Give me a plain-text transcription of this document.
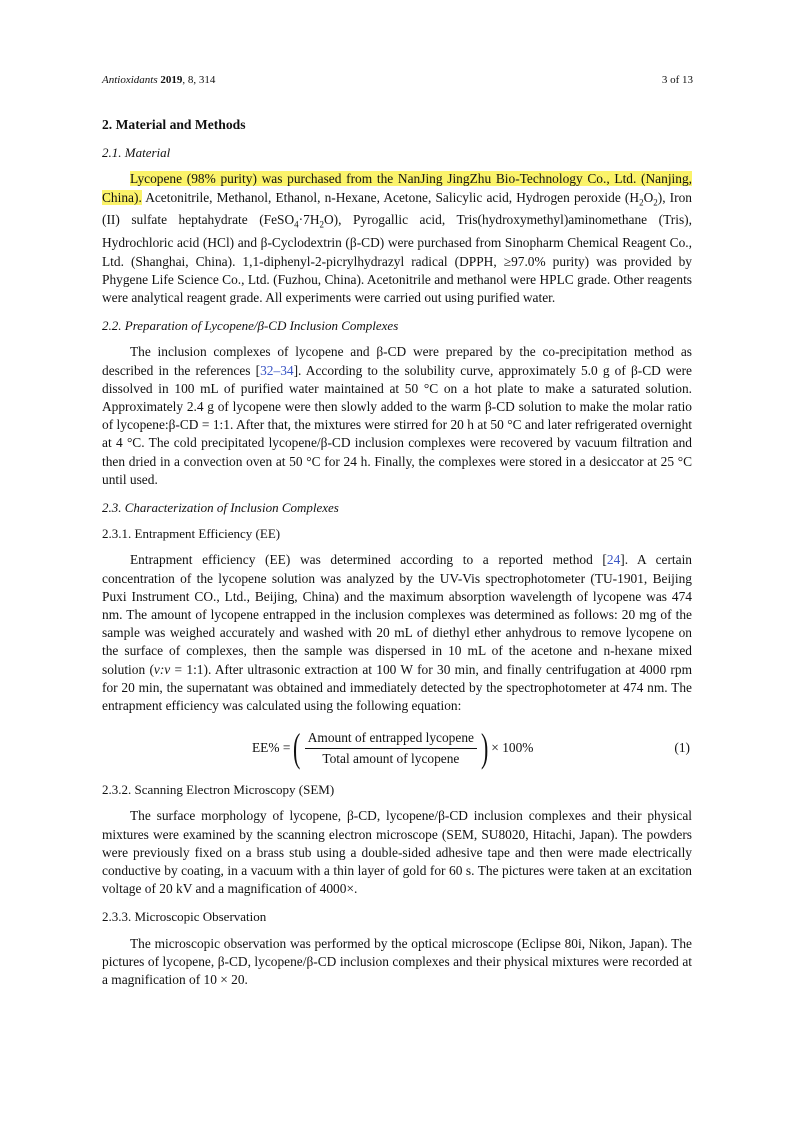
Antioxidants 2019, 8, 314	3 of 13
2. Material and Methods
2.1. Material

Lycopene (98% purity) was purchased from the NanJing JingZhu Bio-Technology Co., Ltd. (Nanjing, China). Acetonitrile, Methanol, Ethanol, n-Hexane, Acetone, Salicylic acid, Hydrogen peroxide $(H_2O_2)$, Iron (II) sulfate heptahydrate $(FeSO_4\cdot 7H_2O)$, Pyrogallic acid, Tris(hydroxymethyl)aminomethane (Tris), Hydrochloric acid (HCl) and β-Cyclodextrin (β-CD) were purchased from Sinopharm Chemical Reagent Co., Ltd. (Shanghai, China). 1,1-diphenyl-2-picrylhydrazyl radical (DPPH, ≥97.0% purity) was provided by Phygene Life Science Co., Ltd. (Fuzhou, China). Acetonitrile and methanol were HPLC grade. Other reagents were analytical reagent grade. All experiments were carried out using purified water.

2.2. Preparation of Lycopene/β-CD Inclusion Complexes

The inclusion complexes of lycopene and β-CD were prepared by the co-precipitation method as described in the references [32–34]. According to the solubility curve, approximately 5.0 g of β-CD were dissolved in 100 mL of purified water maintained at 50 °C on a hot plate to make a saturated solution. Approximately 2.4 g of lycopene were then slowly added to the warm β-CD solution to make the molar ratio of lycopene:β-CD = 1:1. After that, the mixtures were stirred for 20 h at 50 °C and later refrigerated overnight at 4 °C. The cold precipitated lycopene/β-CD inclusion complexes were recovered by vacuum filtration and then dried in a convection oven at 50 °C for 24 h. Finally, the complexes were stored in a desiccator at 25 °C until used.

2.3. Characterization of Inclusion Complexes
2.3.1. Entrapment Efficiency (EE)

Entrapment efficiency (EE) was determined according to a reported method [24]. A certain concentration of the lycopene solution was analyzed by the UV-Vis spectrophotometer (TU-1901, Beijing Puxi Instrument CO., Ltd., Beijing, China) and the maximum absorption wavelength of lycopene was 474 nm. The amount of lycopene entrapped in the inclusion complexes was determined as follows: 20 mg of the sample was weighed accurately and washed with 20 mL of diethyl ether anhydrous to remove lycopene on the surface of complexes, then the sample was dispersed in 10 mL of the acetone and n-hexane mixed solution (v:v = 1:1). After ultrasonic extraction at 100 W for 30 min, and finally centrifugation at 4000 rpm for 20 min, the supernatant was obtained and immediately detected by the spectrophotometer at 474 nm. The entrapment efficiency was calculated using the following equation:

EE% = ( $\frac{\text{Amount of entrapped lycopene}}{\text{Total amount of lycopene}}$ ) × 100%	(1)
2.3.2. Scanning Electron Microscopy (SEM)

The surface morphology of lycopene, β-CD, lycopene/β-CD inclusion complexes and their physical mixtures were examined by the scanning electron microscope (SEM, SU8020, Hitachi, Japan). The powders were previously fixed on a brass stub using a double-sided adhesive tape and then were made electrically conductive by coating, in a vacuum with a thin layer of gold for 60 s. The pictures were taken at an excitation voltage of 20 kV and a magnification of 4000×.

2.3.3. Microscopic Observation

The microscopic observation was performed by the optical microscope (Eclipse 80i, Nikon, Japan). The pictures of lycopene, β-CD, lycopene/β-CD inclusion complexes and their physical mixtures were recorded at a magnification of 10 × 20.
